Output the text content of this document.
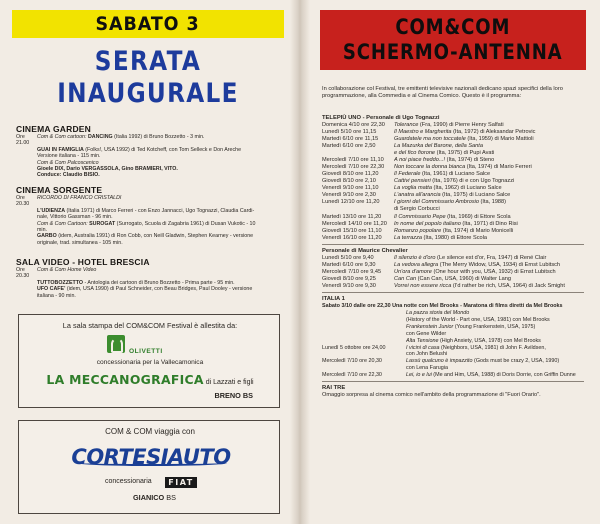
SABATO 3
SERATA
INAUGURALE
CINEMA GARDEN
Ore 21.00
Com & Com cartoon: DANCING (Italia 1992) di Bruno Bozzetto - 3 min.
GUAI IN FAMIGLIA (Folks!, USA 1992) di Ted Kotcheff, con Tom Selleck e Don Areche
Versione italiana - 115 min.
Com & Com Palcoscenico
Gioele DIX, Dario VERGASSOLA, Gino BRAMIERI, VITO.
Conduce: Claudio BISIO.
CINEMA SORGENTE
Ore 20.30
RICORDO DI FRANCO CRISTALDI
L'UDIENZA (Italia 1971) di Marco Ferreri - con Enzo Jannacci, Ugo Tognazzi, Claudia Cardi-
nale, Vittorio Gassman - 96 min.
Com & Com Cartoon: SUROGAT (Surrogato, Scuola di Zagabria 1961) di Dusan Vukotic - 10
min.
GARBO (idem, Australia 1991) di Ron Cobb, con Neill Gladwin, Stephen Kearney - versione
originale, trad. simultanea - 105 min.
SALA VIDEO - HOTEL BRESCIA
Ore 20.30
Com & Com Home Video
TUTTOBOZZETTO - Antologia dei cartoon di Bruno Bozzetto - Prima parte - 95 min.
UFO CAFE' (idem, USA 1990) di Paul Schneider, con Beau Bridges, Paul Dooley - versione
italiana - 90 min.
La sala stampa del COM&COM Festival è allestita da:
OLIVETTI
concessionaria per la Vallecamonica
LA MECCANOGRAFICA di Lazzati e figli
BRENO BS
COM & COM viaggia con
CORTESIAUTO
concessionaria	FIAT
GIANICO BS
COM&COM
SCHERMO-ANTENNA
In collaborazione col Festival, tre emittenti televisive nazionali dedicano spazi specifici della loro programmazione, alla Commedia e al Cinema Comico. Questo è il programma:
TELEPIÙ UNO - Personale di Ugo Tognazzi
Domenica 4/10 ore 22,30	Tolerance (Fra, 1990) di Pierre Henry Salfati
Lunedì 5/10 ore 11,15	Il Maestro e Margherita (Ita, 1972) di Aleksandar Petrovic
Martedì 6/10 ore 11,15	Guardatele ma non toccatele (Ita, 1959) di Mario Mattioli
Martedì 6/10 ore 2,50	La Mazurka del Barone, della Santa
e del fico fiorone (Ita, 1975) di Pupi Avati
Mercoledì 7/10 ore 11,10	A noi piace freddo...! (Ita, 1974) di Steno
Mercoledì 7/10 ore 22,30	Non toccare la donna bianca (Ita, 1974) di Mario Ferreri
Giovedì 8/10 ore 11,20	Il Federale (Ita, 1961) di Luciano Salce
Giovedì 8/10 ore 2,10	Cattivi pensieri (Ita, 1976) di e con Ugo Tognazzi
Venerdì 9/10 ore 11,10	La voglia matta (Ita, 1962) di Luciano Salce
Venerdì 9/10 ore 2,30	L'anatra all'arancia (Ita, 1975) di Luciano Salce
Lunedì 12/10 ore 11,20	I giorni del Commissario Ambrosio (Ita, 1988)
di Sergio Corbucci
Martedì 13/10 ore 11,20	Il Commissario Pepe (Ita, 1969) di Ettore Scola
Mercoledì 14/10 ore 11,20	In nome del popolo italiano (Ita, 1971) di Dino Risi
Giovedì 15/10 ore 11,10	Romanzo popolare (Ita, 1974) di Mario Monicelli
Venerdì 16/10 ore 11,20	La terrazza (Ita, 1980) di Ettore Scola
Personale di Maurice Chevalier
Lunedì 5/10 ore 9,40	Il silenzio è d'oro (Le silence est d'or, Fra, 1947) di René Clair
Martedì 6/10 ore 9,30	La vedova allegra (The Merry Widow, USA, 1934) di Ernst Lubitsch
Mercoledì 7/10 ore 9,45	Un'ora d'amore (One hour with you, USA, 1932) di Ernst Lubitsch
Giovedì 8/10 ore 9,25	Can Can (Can Can, USA, 1960) di Walter Lang
Venerdì 9/10 ore 9,30	Vorrei non essere ricca (I'd rather be rich, USA, 1964) di Jack Smight
ITALIA 1
Sabato 3/10 dalle ore 22,30 Una notte con Mel Brooks - Maratona di films diretti da Mel Brooks
La pazza storia del Mondo
(History of the World - Part one, USA, 1981) con Mel Brooks
Frankenstein Junior (Young Frankenstein, USA, 1975)
con Gene Wilder
Alta Tensione (High Anxiety, USA, 1978) con Mel Brooks
Lunedì 5 ottobre ore 24,00	I vicini di casa (Neighbors, USA, 1981) di John F. Avildsen,
con John Belushi
Mercoledì 7/10 ore 20,30	Lassù qualcuno è impazzito (Gods must be crazy 2, USA, 1990)
con Lena Farugia
Mercoledì 7/10 ore 22,30	Lei, io e lui (Me and Him, USA, 1988) di Doris Dorrie, con Griffin Dunne
RAI TRE
Omaggio sorpresa al cinema comico nell'ambito della programmazione di "Fuori Orario".
